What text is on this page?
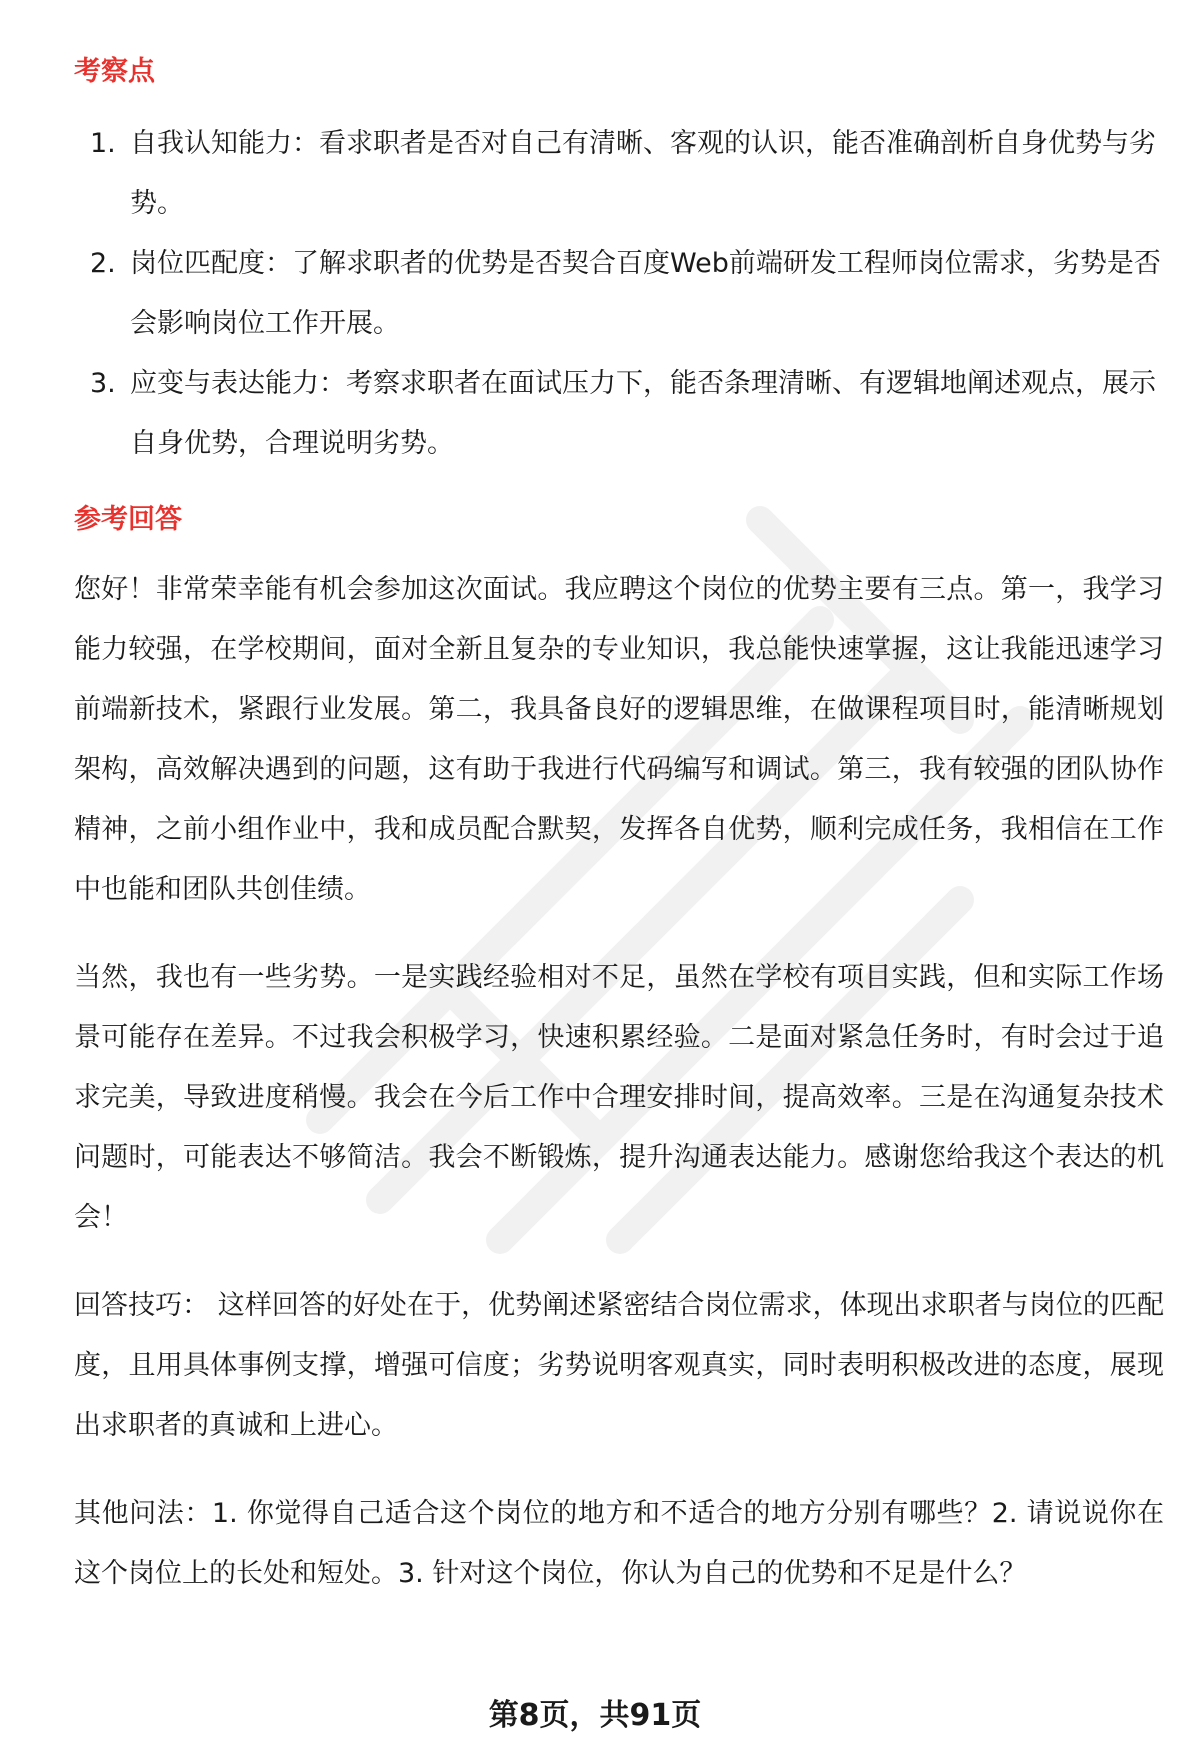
考察点
1. 自我认知能力：看求职者是否对自己有清晰、客观的认识，能否准确剖析自身优势与劣势。
2. 岗位匹配度：了解求职者的优势是否契合百度Web前端研发工程师岗位需求，劣势是否会影响岗位工作开展。
3. 应变与表达能力：考察求职者在面试压力下，能否条理清晰、有逻辑地阐述观点，展示自身优势，合理说明劣势。
参考回答

您好！非常荣幸能有机会参加这次面试。我应聘这个岗位的优势主要有三点。第一，我学习能力较强，在学校期间，面对全新且复杂的专业知识，我总能快速掌握，这让我能迅速学习前端新技术，紧跟行业发展。第二，我具备良好的逻辑思维，在做课程项目时，能清晰规划架构，高效解决遇到的问题，这有助于我进行代码编写和调试。第三，我有较强的团队协作精神，之前小组作业中，我和成员配合默契，发挥各自优势，顺利完成任务，我相信在工作中也能和团队共创佳绩。

当然，我也有一些劣势。一是实践经验相对不足，虽然在学校有项目实践，但和实际工作场景可能存在差异。不过我会积极学习，快速积累经验。二是面对紧急任务时，有时会过于追求完美，导致进度稍慢。我会在今后工作中合理安排时间，提高效率。三是在沟通复杂技术问题时，可能表达不够简洁。我会不断锻炼，提升沟通表达能力。感谢您给我这个表达的机会！

回答技巧： 这样回答的好处在于，优势阐述紧密结合岗位需求，体现出求职者与岗位的匹配度，且用具体事例支撑，增强可信度；劣势说明客观真实，同时表明积极改进的态度，展现出求职者的真诚和上进心。

其他问法：1. 你觉得自己适合这个岗位的地方和不适合的地方分别有哪些？2. 请说说你在这个岗位上的长处和短处。3. 针对这个岗位，你认为自己的优势和不足是什么？

第8页，共91页
